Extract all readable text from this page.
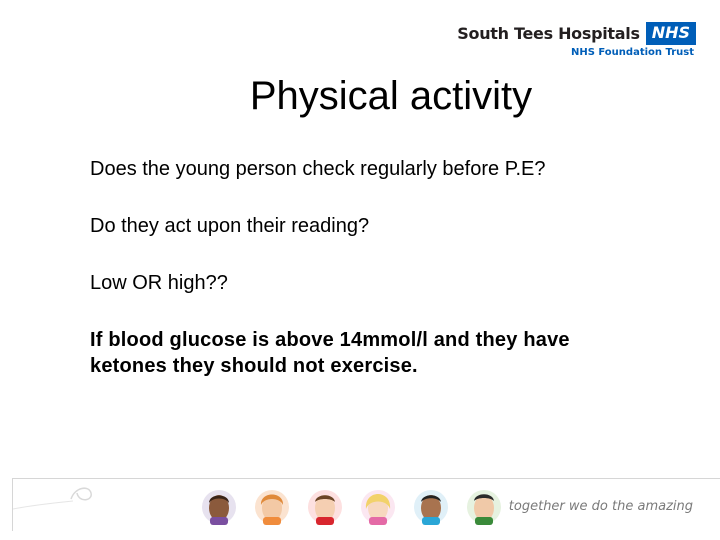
South Tees Hospitals NHS
NHS Foundation Trust
Physical activity

Does the young person check regularly before P.E?

Do they act upon their reading?

Low OR high??

If blood glucose is above 14mmol/l and they have
ketones they should not exercise.

together we do the amazing
